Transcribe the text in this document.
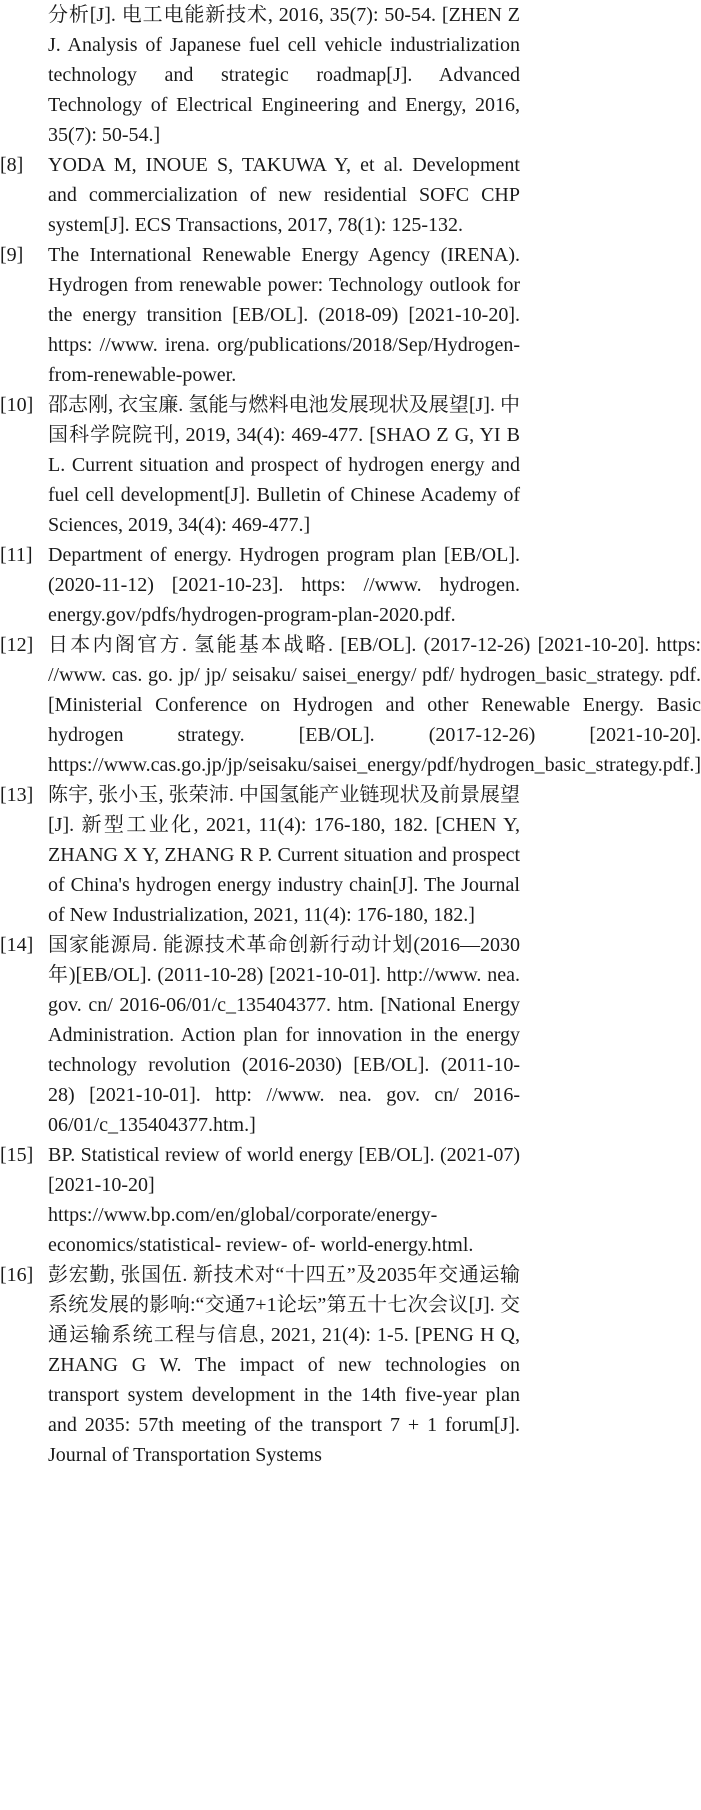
分析[J]. 电工电能新技术, 2016, 35(7): 50-54. [ZHEN Z J. Analysis of Japanese fuel cell vehicle industrialization technology and strategic roadmap[J]. Advanced Technology of Electrical Engineering and Energy, 2016, 35(7): 50-54.]
[8]	YODA M, INOUE S, TAKUWA Y, et al. Development and commercialization of new residential SOFC CHP system[J]. ECS Transactions, 2017, 78(1): 125-132.
[9]	The International Renewable Energy Agency (IRENA). Hydrogen from renewable power: Technology outlook for the energy transition [EB/OL]. (2018-09) [2021-10-20]. https: //www. irena. org/publications/2018/Sep/Hydrogen-from-renewable-power.
[10] 邵志刚, 衣宝廉. 氢能与燃料电池发展现状及展望[J]. 中国科学院院刊, 2019, 34(4): 469-477. [SHAO Z G, YI B L. Current situation and prospect of hydrogen energy and fuel cell development[J]. Bulletin of Chinese Academy of Sciences, 2019, 34(4): 469-477.]
[11] Department of energy. Hydrogen program plan [EB/OL]. (2020-11-12) [2021-10-23]. https: //www. hydrogen. energy.gov/pdfs/hydrogen-program-plan-2020.pdf.
[12] 日本内阁官方. 氢能基本战略. [EB/OL]. (2017-12-26) [2021-10-20]. https: //www. cas. go. jp/ jp/ seisaku/ saisei_energy/ pdf/ hydrogen_basic_strategy. pdf. [Ministerial Conference on Hydrogen and other Renewable Energy. Basic hydrogen strategy. [EB/OL]. (2017-12-26) [2021-10-20]. https://www.cas.go.jp/jp/seisaku/saisei_energy/pdf/hydrogen_basic_strategy.pdf.]
[13] 陈宇, 张小玉, 张荣沛. 中国氢能产业链现状及前景展望[J]. 新型工业化, 2021, 11(4): 176-180, 182. [CHEN Y, ZHANG X Y, ZHANG R P. Current situation and prospect of China's hydrogen energy industry chain[J]. The Journal of New Industrialization, 2021, 11(4): 176-180, 182.]
[14] 国家能源局. 能源技术革命创新行动计划(2016—2030年)[EB/OL]. (2011-10-28) [2021-10-01]. http://www. nea. gov. cn/ 2016-06/01/c_135404377. htm. [National Energy Administration. Action plan for innovation in the energy technology revolution (2016-2030) [EB/OL]. (2011-10-28) [2021-10-01]. http: //www. nea. gov. cn/ 2016-06/01/c_135404377.htm.]
[15] BP. Statistical review of world energy [EB/OL]. (2021-07) [2021-10-20] https://www.bp.com/en/global/corporate/energy- economics/statistical- review- of- world-energy.html.
[16] 彭宏勤, 张国伍. 新技术对“十四五”及2035年交通运输系统发展的影响:“交通7+1论坛”第五十七次会议[J]. 交通运输系统工程与信息, 2021, 21(4): 1-5. [PENG H Q, ZHANG G W. The impact of new technologies on transport system development in the 14th five-year plan and 2035: 57th meeting of the transport 7 + 1 forum[J]. Journal of Transportation Systems
